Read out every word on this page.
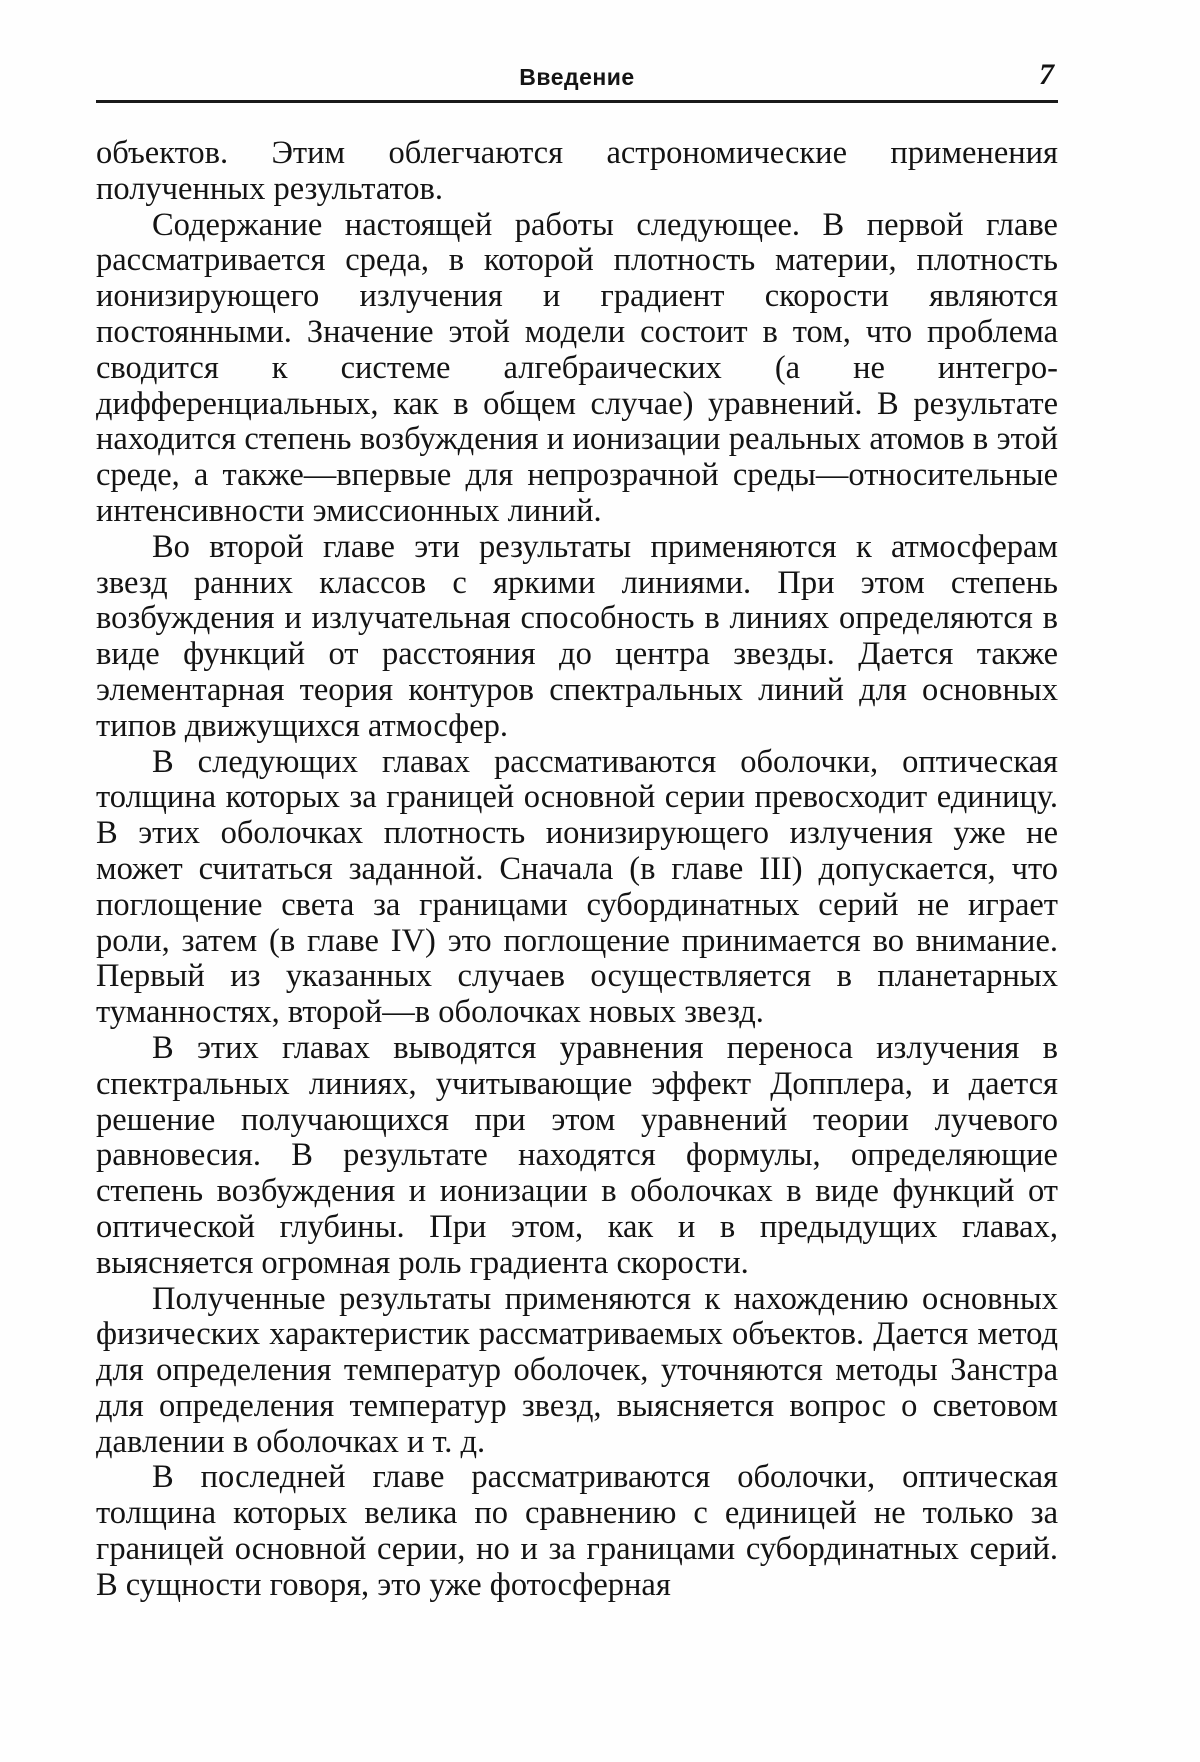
Введение	7

объектов. Этим облегчаются астрономические применения полученных результатов.

Содержание настоящей работы следующее. В первой главе рассматривается среда, в которой плотность материи, плотность ионизирующего излучения и градиент скорости являются постоянными. Значение этой модели состоит в том, что проблема сводится к системе алгебраических (а не интегро-дифференциальных, как в общем случае) уравнений. В результате находится степень возбуждения и ионизации реальных атомов в этой среде, а также—впервые для непрозрачной среды—относительные интенсивности эмиссионных линий.

Во второй главе эти результаты применяются к атмосферам звезд ранних классов с яркими линиями. При этом степень возбуждения и излучательная способность в линиях определяются в виде функций от расстояния до центра звезды. Дается также элементарная теория контуров спектральных линий для основных типов движущихся атмосфер.

В следующих главах рассмативаются оболочки, оптическая толщина которых за границей основной серии превосходит единицу. В этих оболочках плотность ионизирующего излучения уже не может считаться заданной. Сначала (в главе III) допускается, что поглощение света за границами субординатных серий не играет роли, затем (в главе IV) это поглощение принимается во внимание. Первый из указанных случаев осуществляется в планетарных туманностях, второй—в оболочках новых звезд.

В этих главах выводятся уравнения переноса излучения в спектральных линиях, учитывающие эффект Допплера, и дается решение получающихся при этом уравнений теории лучевого равновесия. В результате находятся формулы, определяющие степень возбуждения и ионизации в оболочках в виде функций от оптической глубины. При этом, как и в предыдущих главах, выясняется огромная роль градиента скорости.

Полученные результаты применяются к нахождению основных физических характеристик рассматриваемых объектов. Дается метод для определения температур оболочек, уточняются методы Занстра для определения температур звезд, выясняется вопрос о световом давлении в оболочках и т. д.

В последней главе рассматриваются оболочки, оптическая толщина которых велика по сравнению с единицей не только за границей основной серии, но и за границами субординатных серий. В сущности говоря, это уже фотосферная
